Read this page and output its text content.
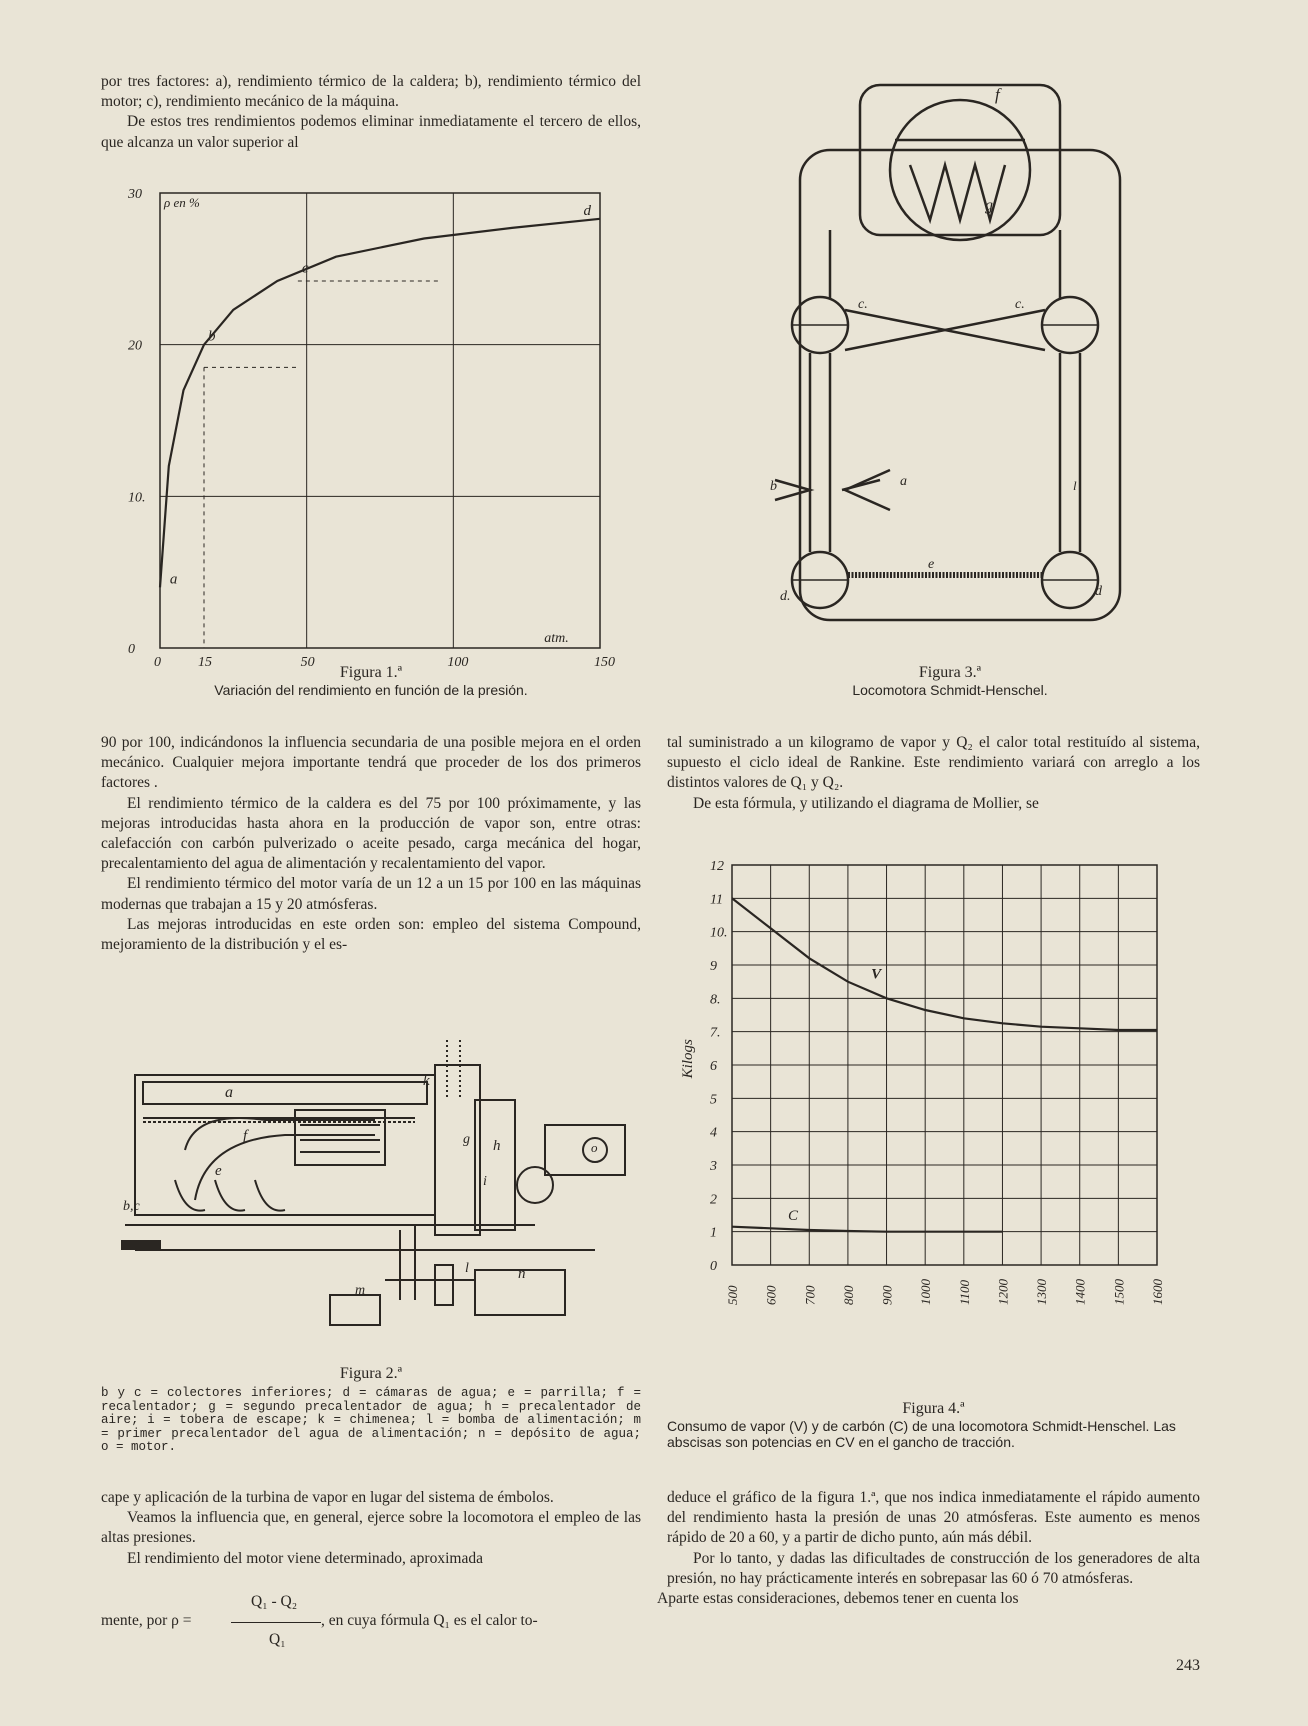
por tres factores: a), rendimiento térmico de la caldera; b), rendimiento térmico del motor; c), rendimiento mecánico de la máquina.

De estos tres rendimientos podemos eliminar inmediatamente el tercero de ellos, que alcanza un valor superior al

0	15	50	100	150
0
10.
20
30
ρ en %
atm.
a
b
c
d
Figura 1.ª
Variación del rendimiento en función de la presión.

90 por 100, indicándonos la influencia secundaria de una posible mejora en el orden mecánico. Cualquier mejora importante tendrá que proceder de los dos primeros factores .

El rendimiento térmico de la caldera es del 75 por 100 próximamente, y las mejoras introducidas hasta ahora en la producción de vapor son, entre otras: calefacción con carbón pulverizado o aceite pesado, carga mecánica del hogar, precalentamiento del agua de alimentación y recalentamiento del vapor.

El rendimiento térmico del motor varía de un 12 a un 15 por 100 en las máquinas modernas que trabajan a 15 y 20 atmósferas.

Las mejoras introducidas en este orden son: empleo del sistema Compound, mejoramiento de la distribución y el es-

a
b,c
e
f	g h
i
k
l
m
n
o
Figura 2.ª
b y c = colectores inferiores; d = cámaras de agua; e = parrilla; f = recalentador; g = segundo precalentador de agua; h = precalentador de aire; i = tobera de escape; k = chimenea; l = bomba de alimentación; m = primer precalentador del agua de alimentación; n = depósito de agua; o = motor.

cape y aplicación de la turbina de vapor en lugar del sistema de émbolos.

Veamos la influencia que, en general, ejerce sobre la locomotora el empleo de las altas presiones.

El rendimiento del motor viene determinado, aproximada

Q₁ - Q₂
mente, por ρ =	, en cuya fórmula Q₁ es el calor to-
Q₁
f
g
c.	c.
b	a
e
d.	d
l
Figura 3.ª
Locomotora Schmidt-Henschel.

tal suministrado a un kilogramo de vapor y Q₂ el calor total restituído al sistema, supuesto el ciclo ideal de Rankine. Este rendimiento variará con arreglo a los distintos valores de Q₁ y Q₂.

De esta fórmula, y utilizando el diagrama de Mollier, se

V
C
0
1
2
3
4
5
6
7.
8.
9
10.
11
12
500 600 700 800 900 1000 1100 1200 1300 1400 1500 1600
Kilogs
Figura 4.ª
Consumo de vapor (V) y de carbón (C) de una locomotora Schmidt-Henschel. Las abscisas son potencias en CV en el gancho de tracción.

deduce el gráfico de la figura 1.ª, que nos indica inmediatamente el rápido aumento del rendimiento hasta la presión de unas 20 atmósferas. Este aumento es menos rápido de 20 a 60, y a partir de dicho punto, aún más débil.

Por lo tanto, y dadas las dificultades de construcción de los generadores de alta presión, no hay prácticamente interés en sobrepasar las 60 ó 70 atmósferas.

Aparte estas consideraciones, debemos tener en cuenta los

243
